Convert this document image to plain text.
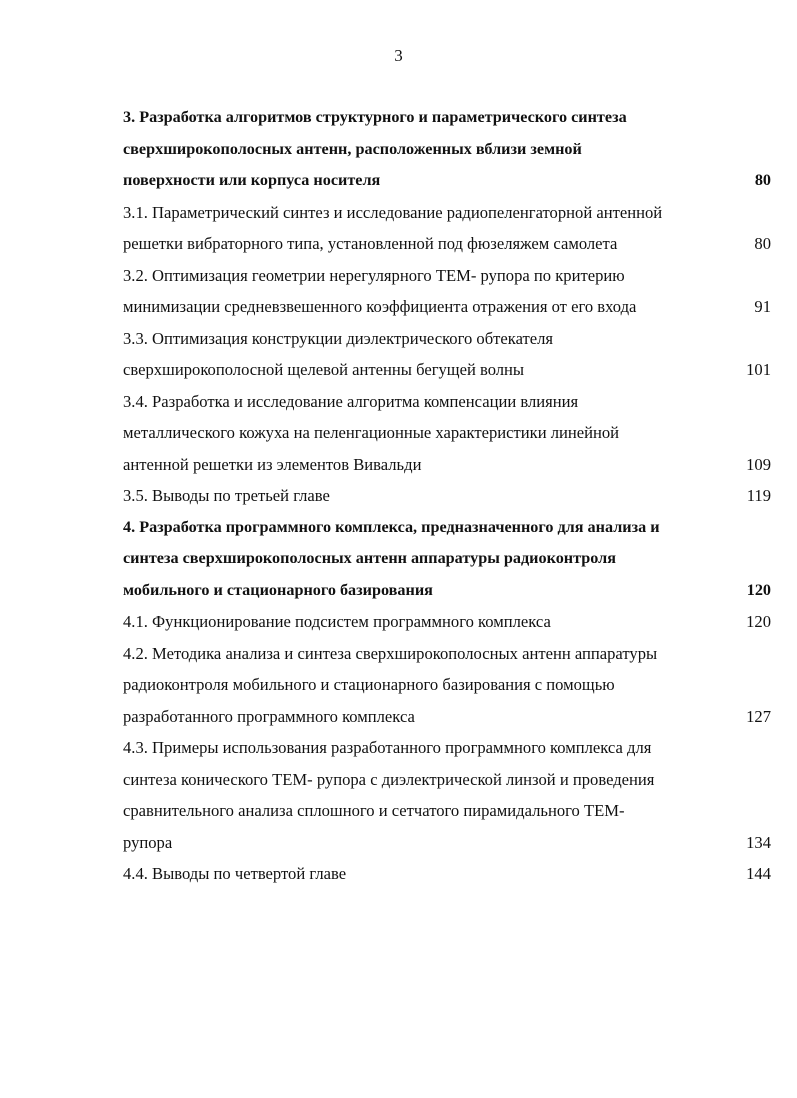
3
3. Разработка алгоритмов структурного и параметрического синтеза
сверхширокополосных антенн, расположенных вблизи земной
поверхности или корпуса носителя	80
3.1. Параметрический синтез и исследование радиопеленгаторной антенной
решетки вибраторного типа, установленной под фюзеляжем самолета	80
3.2. Оптимизация геометрии нерегулярного ТЕМ- рупора по критерию
минимизации средневзвешенного коэффициента отражения от его входа	91
3.3. Оптимизация конструкции диэлектрического обтекателя
сверхширокополосной щелевой антенны бегущей волны	101
3.4. Разработка и исследование алгоритма компенсации влияния
металлического кожуха на пеленгационные характеристики линейной
антенной решетки из элементов Вивальди	109
3.5. Выводы по третьей главе	119
4. Разработка программного комплекса, предназначенного для анализа и
синтеза сверхширокополосных антенн аппаратуры радиоконтроля
мобильного и стационарного базирования	120
4.1. Функционирование подсистем программного комплекса	120
4.2. Методика анализа и синтеза сверхширокополосных антенн аппаратуры
радиоконтроля мобильного и стационарного базирования с помощью
разработанного программного комплекса	127
4.3. Примеры использования разработанного программного комплекса для
синтеза конического ТЕМ- рупора с диэлектрической линзой и проведения
сравнительного анализа сплошного и сетчатого пирамидального ТЕМ-
рупора	134
4.4. Выводы по четвертой главе	144
